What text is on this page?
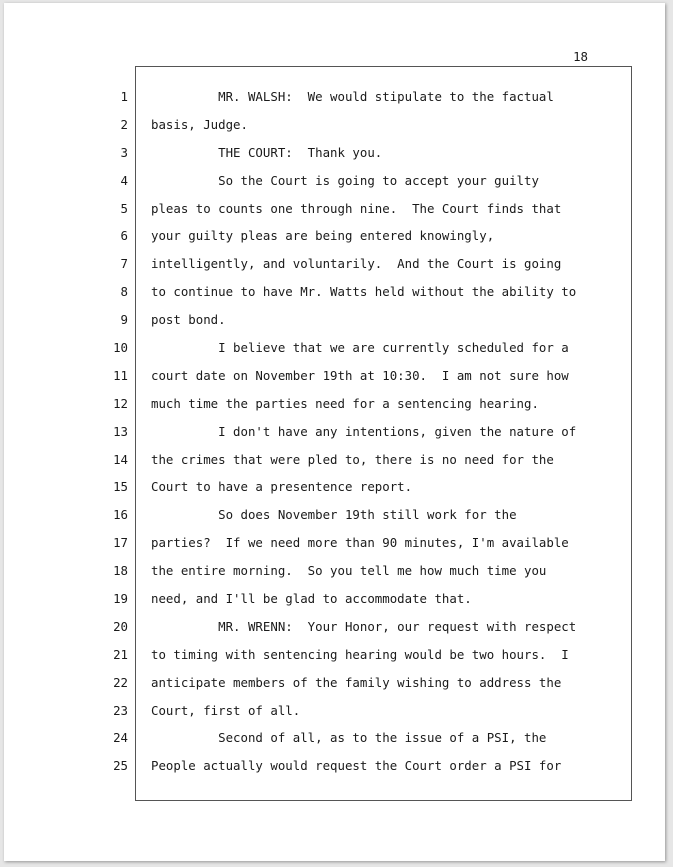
18
1
2
3
4
5
6
7
8
9
10
11
12
13
14
15
16
17
18
19
20
21
22
23
24
25
MR. WALSH:  We would stipulate to the factual
basis, Judge.
THE COURT:  Thank you.
So the Court is going to accept your guilty
pleas to counts one through nine.  The Court finds that
your guilty pleas are being entered knowingly,
intelligently, and voluntarily.  And the Court is going
to continue to have Mr. Watts held without the ability to
post bond.
I believe that we are currently scheduled for a
court date on November 19th at 10:30.  I am not sure how
much time the parties need for a sentencing hearing.
I don't have any intentions, given the nature of
the crimes that were pled to, there is no need for the
Court to have a presentence report.
So does November 19th still work for the
parties?  If we need more than 90 minutes, I'm available
the entire morning.  So you tell me how much time you
need, and I'll be glad to accommodate that.
MR. WRENN:  Your Honor, our request with respect
to timing with sentencing hearing would be two hours.  I
anticipate members of the family wishing to address the
Court, first of all.
Second of all, as to the issue of a PSI, the
People actually would request the Court order a PSI for
